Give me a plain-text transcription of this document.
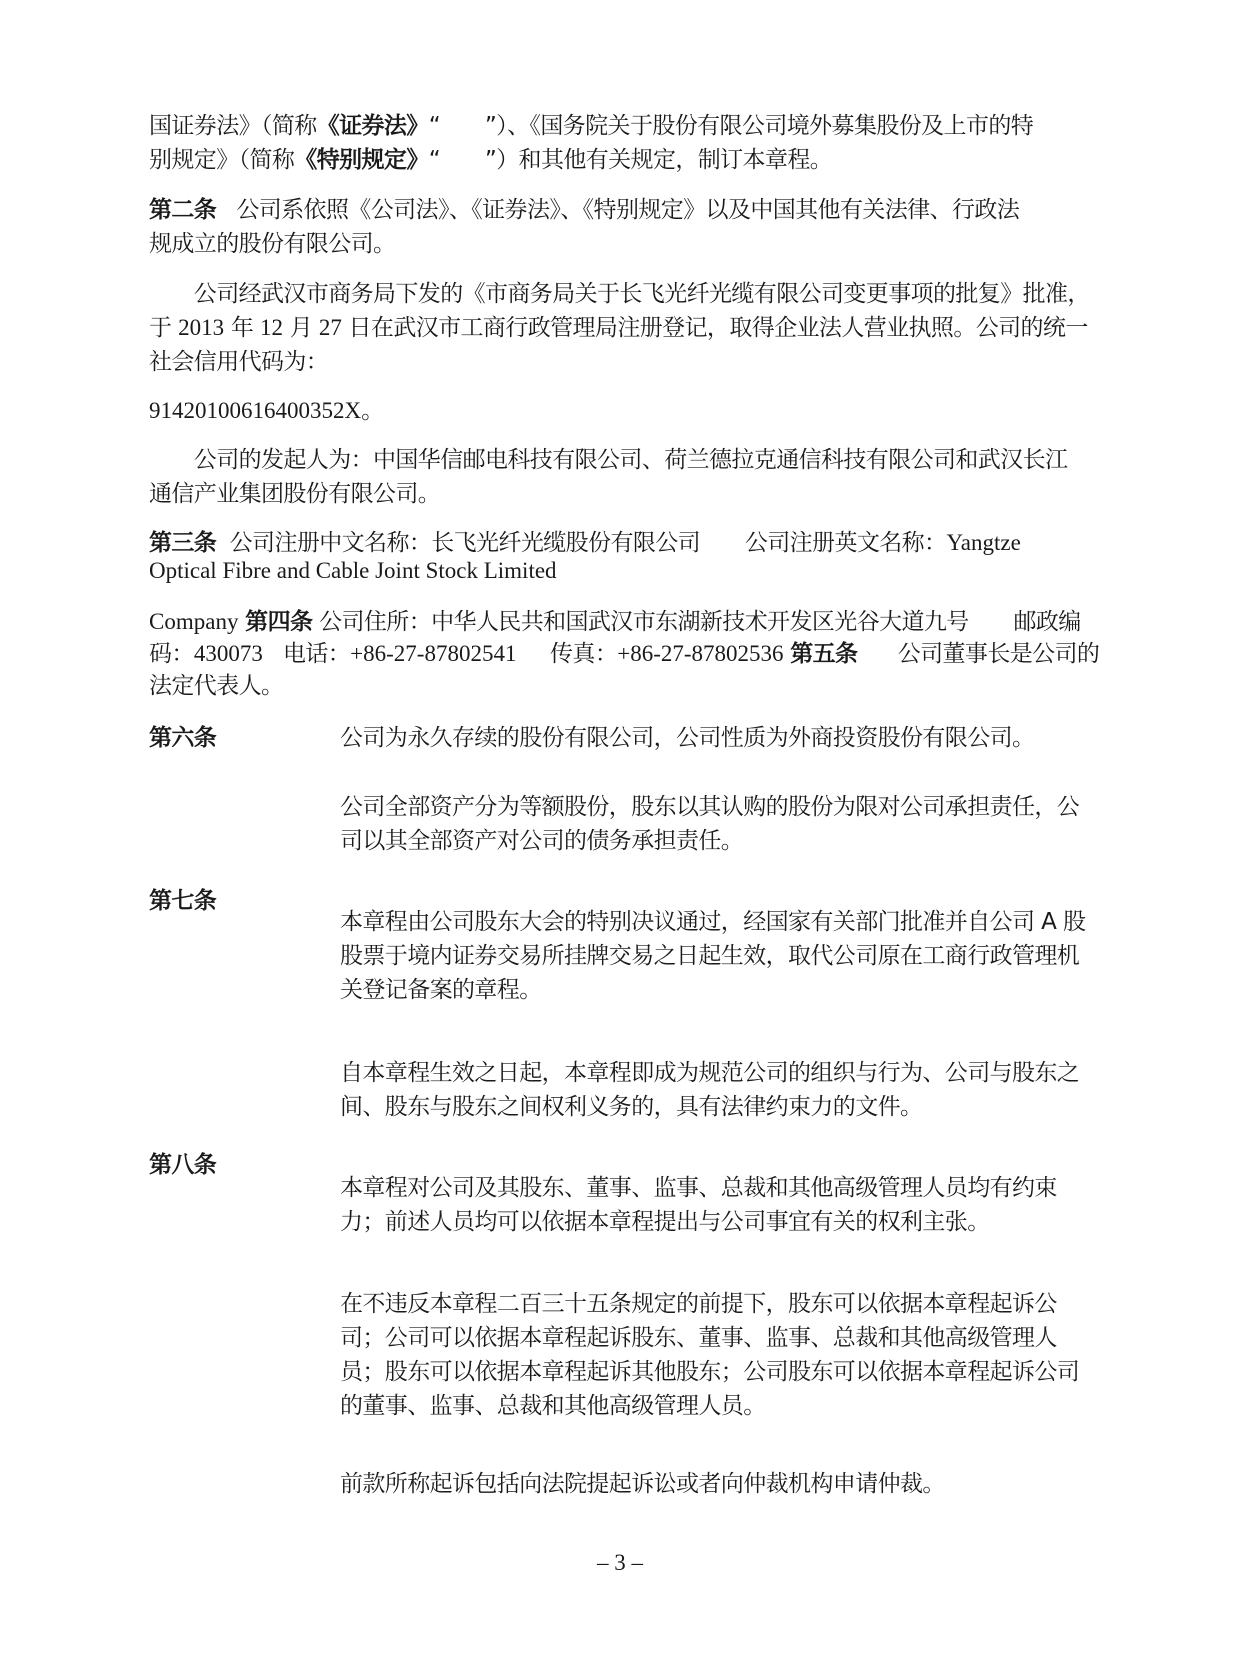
国证券法》（简称《证券法》“　　”）、《国务院关于股份有限公司境外募集股份及上市的特
别规定》（简称《特别规定》“　　”）和其他有关规定，制订本章程。
第二条 公司系依照《公司法》、《证券法》、《特别规定》以及中国其他有关法律、行政法
规成立的股份有限公司。
　　公司经武汉市商务局下发的《市商务局关于长飞光纤光缆有限公司变更事项的批复》批准，
于 2013 年 12 月 27 日在武汉市工商行政管理局注册登记，取得企业法人营业执照。公司的统一
社会信用代码为：
91420100616400352X。
　　公司的发起人为：中国华信邮电科技有限公司、荷兰德拉克通信科技有限公司和武汉长江
通信产业集团股份有限公司。
第三条 公司注册中文名称：长飞光纤光缆股份有限公司　　公司注册英文名称：Yangtze
Optical Fibre and Cable Joint Stock Limited
Company 第四条 公司住所：中华人民共和国武汉市东湖新技术开发区光谷大道九号　　邮政编
码：430073 电话：+86-27-87802541 传真：+86-27-87802536 第五条 公司董事长是公司的
法定代表人。
第六条	公司为永久存续的股份有限公司，公司性质为外商投资股份有限公司。
公司全部资产分为等额股份，股东以其认购的股份为限对公司承担责任，公司以其全部资产对公司的债务承担责任。
第七条
本章程由公司股东大会的特别决议通过，经国家有关部门批准并自公司 A 股股票于境内证券交易所挂牌交易之日起生效，取代公司原在工商行政管理机关登记备案的章程。
自本章程生效之日起，本章程即成为规范公司的组织与行为、公司与股东之间、股东与股东之间权利义务的，具有法律约束力的文件。
第八条
本章程对公司及其股东、董事、监事、总裁和其他高级管理人员均有约束力；前述人员均可以依据本章程提出与公司事宜有关的权利主张。
在不违反本章程二百三十五条规定的前提下，股东可以依据本章程起诉公司；公司可以依据本章程起诉股东、董事、监事、总裁和其他高级管理人员；股东可以依据本章程起诉其他股东；公司股东可以依据本章程起诉公司的董事、监事、总裁和其他高级管理人员。
前款所称起诉包括向法院提起诉讼或者向仲裁机构申请仲裁。
– 3 –
